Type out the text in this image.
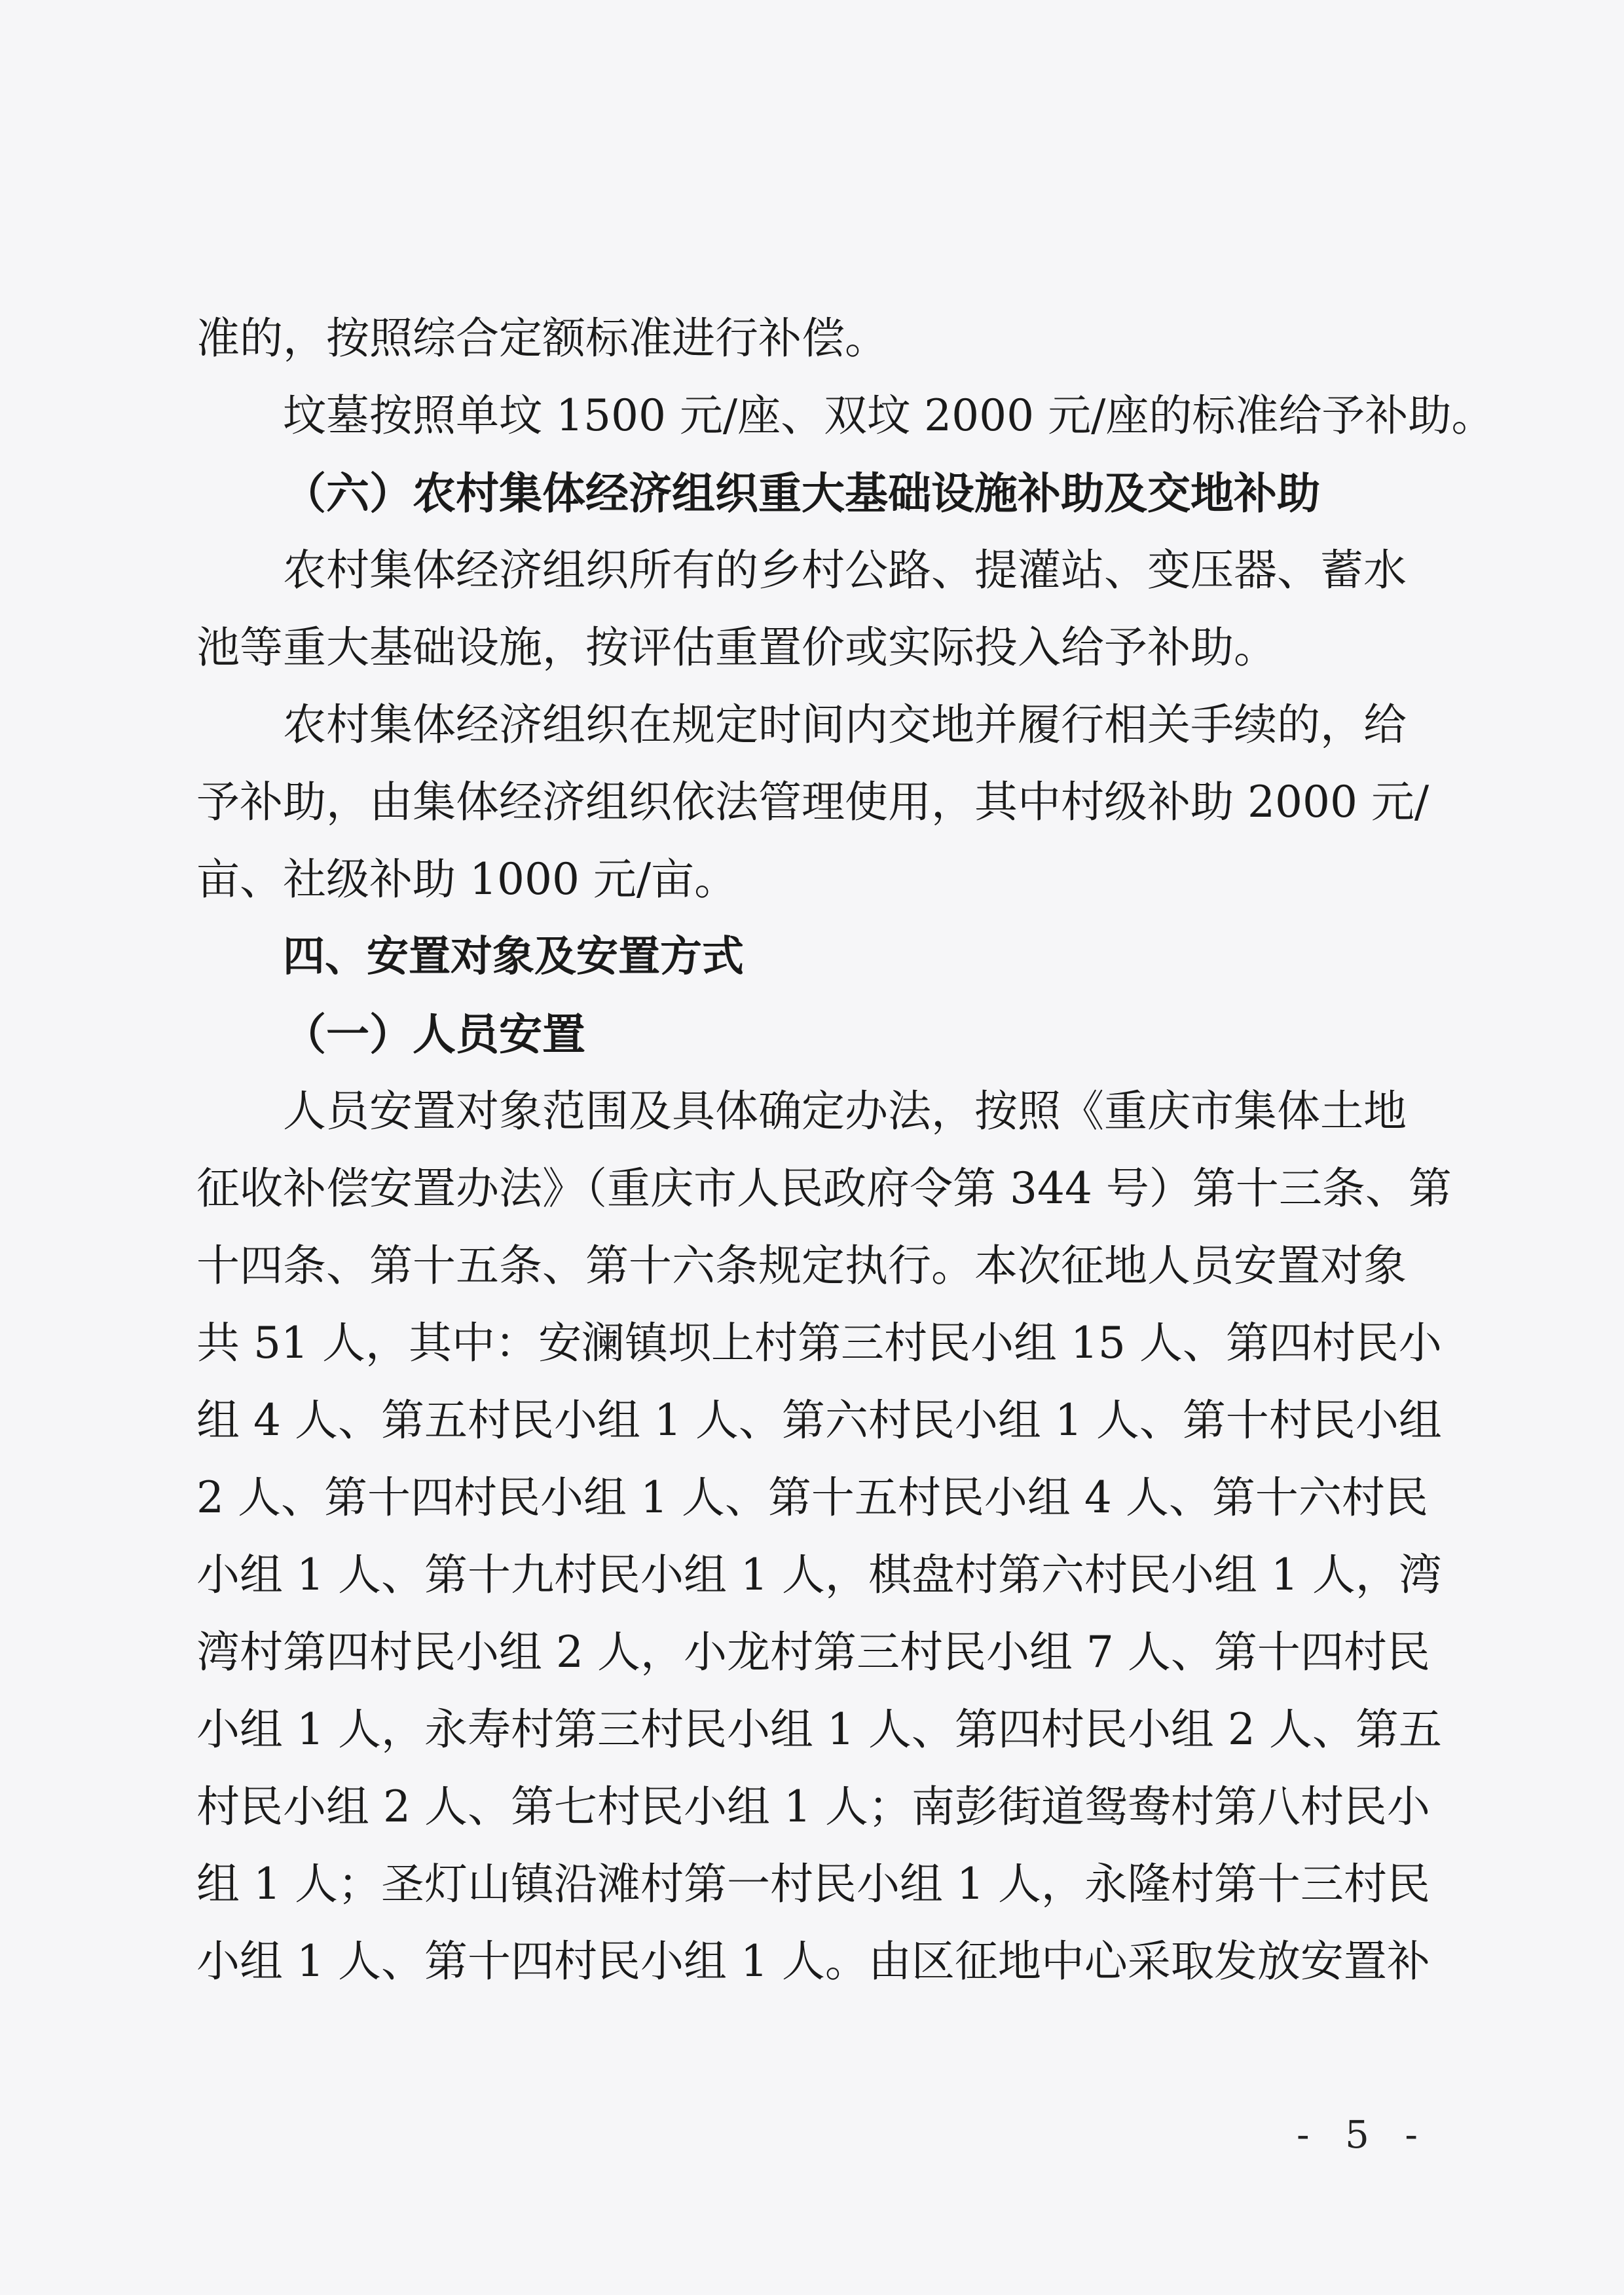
准的，按照综合定额标准进行补偿。
坟墓按照单坟 1500 元/座、双坟 2000 元/座的标准给予补助。
（六）农村集体经济组织重大基础设施补助及交地补助
农村集体经济组织所有的乡村公路、提灌站、变压器、蓄水
池等重大基础设施，按评估重置价或实际投入给予补助。
农村集体经济组织在规定时间内交地并履行相关手续的，给
予补助，由集体经济组织依法管理使用，其中村级补助 2000 元/
亩、社级补助 1000 元/亩。
四、安置对象及安置方式
（一）人员安置
人员安置对象范围及具体确定办法，按照《重庆市集体土地
征收补偿安置办法》（重庆市人民政府令第 344 号）第十三条、第
十四条、第十五条、第十六条规定执行。本次征地人员安置对象
共 51 人，其中：安澜镇坝上村第三村民小组 15 人、第四村民小
组 4 人、第五村民小组 1 人、第六村民小组 1 人、第十村民小组
2 人、第十四村民小组 1 人、第十五村民小组 4 人、第十六村民
小组 1 人、第十九村民小组 1 人，棋盘村第六村民小组 1 人，湾
湾村第四村民小组 2 人，小龙村第三村民小组 7 人、第十四村民
小组 1 人，永寿村第三村民小组 1 人、第四村民小组 2 人、第五
村民小组 2 人、第七村民小组 1 人；南彭街道鸳鸯村第八村民小
组 1 人；圣灯山镇沿滩村第一村民小组 1 人，永隆村第十三村民
小组 1 人、第十四村民小组 1 人。由区征地中心采取发放安置补
- 5 -
